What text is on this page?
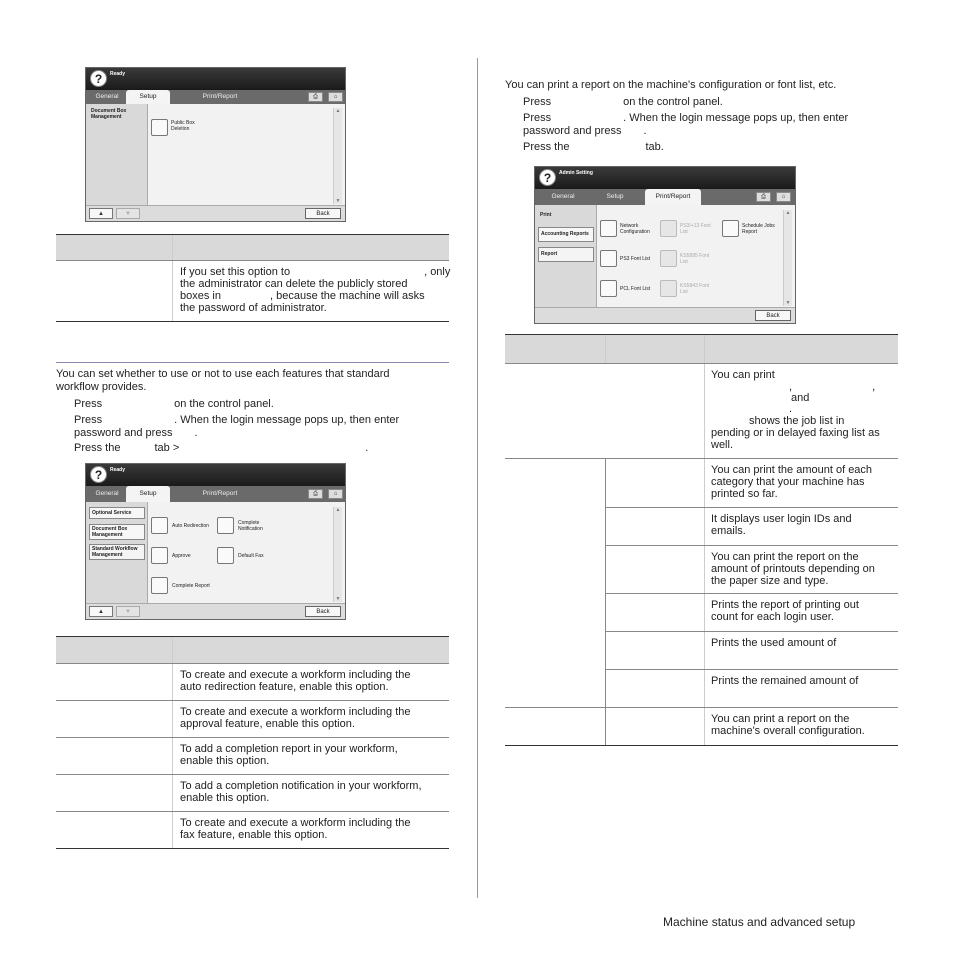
?	Ready
General	Setup	Print/Report	⎙	⌂
Document Box Management
Public Box Deletion
▲
▼
▲	▼	Back
If you set this option to	, only
the administrator can delete the publicly stored
boxes in	, because the machine will asks
the password of administrator.
You can set whether to use or not to use each features that standard
workflow provides.
Press	on the control panel.
Press	. When the login message pops up, then enter
password and press .
Press the	tab >	.
?	Ready
General	Setup	Print/Report	⎙	⌂
Optional Service
Document Box Management
Standard Workflow Management
Auto Redirection	Complete Notification
Approve	Default Fax
Complete Report
▲
▼
▲	▼	Back
To create and execute a workform including the
auto redirection feature, enable this option.
To create and execute a workform including the
approval feature, enable this option.
To add a completion report in your workform,
enable this option.
To add a completion notification in your workform,
enable this option.
To create and execute a workform including the
fax feature, enable this option.
You can print a report on the machine's configuration or font list, etc.
Press	on the control panel.
Press	. When the login message pops up, then enter
password and press .
Press the	tab.
?	Admin Setting
General	Setup	Print/Report	⎙	⌂
Print
Accounting Reports
Report
Network Configuration
PS3 Font List
PCL Font List
PS3/+13 Font List
KS5895 Font List
KS5843 Font List
Schedule Jobs Report
▲
▼
Back
You can print
,	,
and
.
shows the job list in
pending or in delayed faxing list as
well.
You can print the amount of each
category that your machine has
printed so far.
It displays user login IDs and
emails.
You can print the report on the
amount of printouts depending on
the paper size and type.
Prints the report of printing out
count for each login user.
Prints the used amount of
Prints the remained amount of
You can print a report on the
machine's overall configuration.
Machine status and advanced setup
